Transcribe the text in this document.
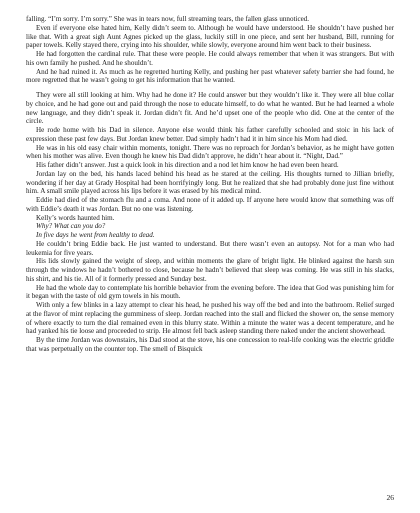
falling. “I’m sorry. I’m sorry.” She was in tears now, full streaming tears, the fallen glass unnoticed.

Even if everyone else hated him, Kelly didn’t seem to. Although he would have understood. He shouldn’t have pushed her like that. With a great sigh Aunt Agnes picked up the glass, luckily still in one piece, and sent her husband, Bill, running for paper towels. Kelly stayed there, crying into his shoulder, while slowly, everyone around him went back to their business.

He had forgotten the cardinal rule. That these were people. He could always remember that when it was strangers. But with his own family he pushed. And he shouldn’t.

And he had ruined it. As much as he regretted hurting Kelly, and pushing her past whatever safety barrier she had found, he more regretted that he wasn’t going to get his information that he wanted.

They were all still looking at him. Why had he done it? He could answer but they wouldn’t like it. They were all blue collar by choice, and he had gone out and paid through the nose to educate himself, to do what he wanted. But he had learned a whole new language, and they didn’t speak it. Jordan didn’t fit. And he’d upset one of the people who did. One at the center of the circle.

He rode home with his Dad in silence. Anyone else would think his father carefully schooled and stoic in his lack of expression these past few days. But Jordan knew better. Dad simply hadn’t had it in him since his Mom had died.

He was in his old easy chair within moments, tonight. There was no reproach for Jordan’s behavior, as he might have gotten when his mother was alive. Even though he knew his Dad didn’t approve, he didn’t hear about it. “Night, Dad.”

His father didn’t answer. Just a quick look in his direction and a nod let him know he had even been heard.

Jordan lay on the bed, his hands laced behind his head as he stared at the ceiling. His thoughts turned to Jillian briefly, wondering if her day at Grady Hospital had been horrifyingly long. But he realized that she had probably done just fine without him. A small smile played across his lips before it was erased by his medical mind.

Eddie had died of the stomach flu and a coma. And none of it added up. If anyone here would know that something was off with Eddie’s death it was Jordan. But no one was listening.

Kelly’s words haunted him.

Why? What can you do?

In five days he went from healthy to dead.

He couldn’t bring Eddie back. He just wanted to understand. But there wasn’t even an autopsy. Not for a man who had leukemia for five years.

His lids slowly gained the weight of sleep, and within moments the glare of bright light. He blinked against the harsh sun through the windows he hadn’t bothered to close, because he hadn’t believed that sleep was coming. He was still in his slacks, his shirt, and his tie. All of it formerly pressed and Sunday best.

He had the whole day to contemplate his horrible behavior from the evening before. The idea that God was punishing him for it began with the taste of old gym towels in his mouth.

With only a few blinks in a lazy attempt to clear his head, he pushed his way off the bed and into the bathroom. Relief surged at the flavor of mint replacing the gumminess of sleep. Jordan reached into the stall and flicked the shower on, the sense memory of where exactly to turn the dial remained even in this blurry state. Within a minute the water was a decent temperature, and he had yanked his tie loose and proceeded to strip. He almost fell back asleep standing there naked under the ancient showerhead.

By the time Jordan was downstairs, his Dad stood at the stove, his one concession to real-life cooking was the electric griddle that was perpetually on the counter top. The smell of Bisquick

26
